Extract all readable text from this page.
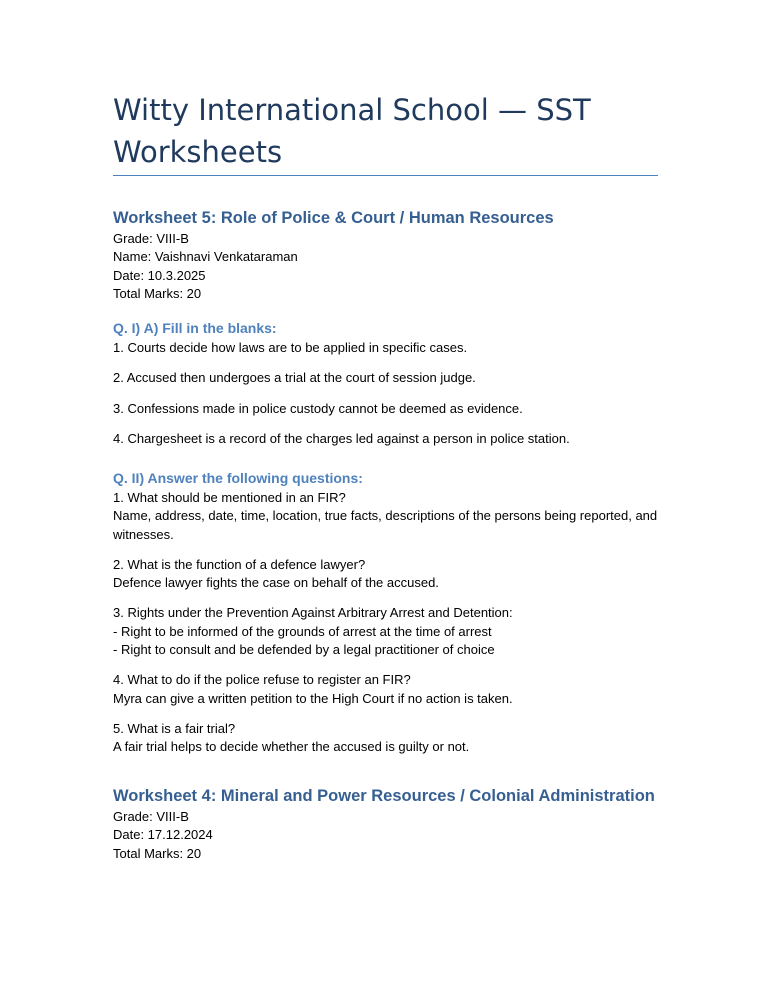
Witty International School — SST Worksheets
Worksheet 5: Role of Police & Court / Human Resources

Grade: VIII-B

Name: Vaishnavi Venkataraman

Date: 10.3.2025

Total Marks: 20

Q. I) A) Fill in the blanks:

1. Courts decide how laws are to be applied in specific cases.

2. Accused then undergoes a trial at the court of session judge.

3. Confessions made in police custody cannot be deemed as evidence.

4. Chargesheet is a record of the charges led against a person in police station.

Q. II) Answer the following questions:
1. What should be mentioned in an FIR?
Name, address, date, time, location, true facts, descriptions of the persons being reported, and witnesses.
2. What is the function of a defence lawyer?
Defence lawyer fights the case on behalf of the accused.
3. Rights under the Prevention Against Arbitrary Arrest and Detention:
- Right to be informed of the grounds of arrest at the time of arrest
- Right to consult and be defended by a legal practitioner of choice
4. What to do if the police refuse to register an FIR?
Myra can give a written petition to the High Court if no action is taken.
5. What is a fair trial?
A fair trial helps to decide whether the accused is guilty or not.
Worksheet 4: Mineral and Power Resources / Colonial Administration

Grade: VIII-B

Date: 17.12.2024

Total Marks: 20
